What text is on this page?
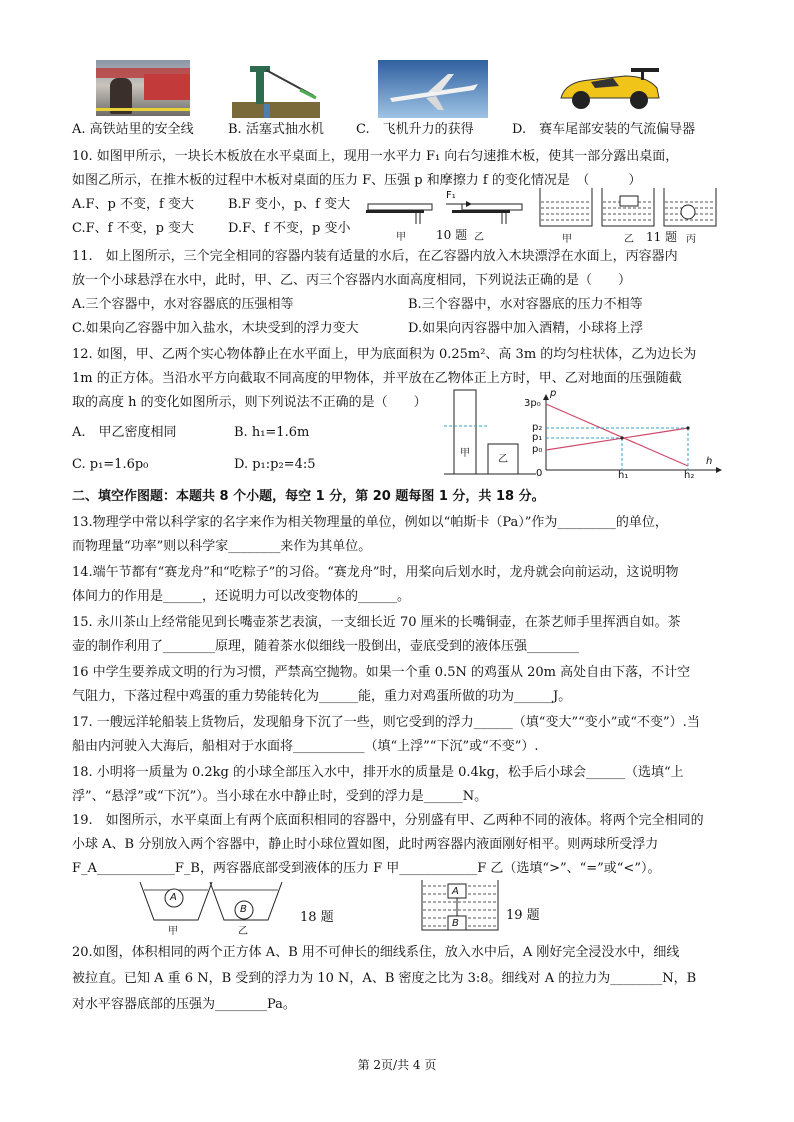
A. 高铁站里的安全线	B. 活塞式抽水机 C.　飞机升力的获得	D.　赛车尾部安装的气流偏导器
10. 如图甲所示，一块长木板放在水平桌面上，现用一水平力 F₁ 向右匀速推木板，使其一部分露出桌面，
如图乙所示，在推木板的过程中木板对桌面的压力 F、压强 p 和摩擦力 f 的变化情况是　（　　　）
A.F、p 不变，f 变大	B.F 变小，p、f 变大
C.F、f 不变，p 变大	D.F、f 不变，p 变小
F₁
甲	10 题 乙	甲	乙 11 题 丙
11.　如上图所示，三个完全相同的容器内装有适量的水后，在乙容器内放入木块漂浮在水面上，丙容器内
放一个小球悬浮在水中，此时，甲、乙、丙三个容器内水面高度相同，下列说法正确的是（　　）
A.三个容器中，水对容器底的压强相等	B.三个容器中，水对容器底的压力不相等
C.如果向乙容器中加入盐水，木块受到的浮力变大	D.如果向丙容器中加入酒精，小球将上浮
12. 如图，甲、乙两个实心物体静止在水平面上，甲为底面积为 0.25m²、高 3m 的均匀柱状体，乙为边长为
1m 的正方体。当沿水平方向截取不同高度的甲物体，并平放在乙物体正上方时，甲、乙对地面的压强随截
取的高度 h 的变化如图所示，则下列说法不正确的是（　　）
A.　甲乙密度相同	B. h₁=1.6m
C. p₁=1.6p₀	D. p₁:p₂=4:5
甲
乙
p
3p₀
p₂
p₁
p₀
0	h₁	h₂
h
二、填空作图题：本题共 8 个小题，每空 1 分，第 20 题每图 1 分，共 18 分。
13.物理学中常以科学家的名字来作为相关物理量的单位，例如以“帕斯卡（Pa）”作为_________的单位，
而物理量“功率”则以科学家________来作为其单位。
14.端午节都有“赛龙舟”和“吃粽子”的习俗。“赛龙舟”时，用桨向后划水时，龙舟就会向前运动，这说明物
体间力的作用是______，还说明力可以改变物体的______。
15. 永川茶山上经常能见到长嘴壶茶艺表演，一支细长近 70 厘米的长嘴铜壶，在茶艺师手里挥洒自如。茶
壶的制作利用了________原理，随着茶水似细线一股倒出，壶底受到的液体压强________
16 中学生要养成文明的行为习惯，严禁高空抛物。如果一个重 0.5N 的鸡蛋从 20m 高处自由下落，不计空
气阻力，下落过程中鸡蛋的重力势能转化为______能，重力对鸡蛋所做的功为______J。
17. 一艘远洋轮船装上货物后，发现船身下沉了一些，则它受到的浮力______（填“变大”“变小”或“不变”）.当
船由内河驶入大海后，船相对于水面将___________（填“上浮”“下沉”或“不变”）.
18. 小明将一质量为 0.2kg 的小球全部压入水中，排开水的质量是 0.4kg，松手后小球会______（选填“上
浮”、“悬浮”或“下沉”）。当小球在水中静止时，受到的浮力是______N。
19.　如图所示，水平桌面上有两个底面积相同的容器中，分别盛有甲、乙两种不同的液体。将两个完全相同的
小球 A、B 分别放入两个容器中，静止时小球位置如图，此时两容器内液面刚好相平。则两球所受浮力
F_A____________F_B，两容器底部受到液体的压力 F 甲____________F 乙（选填“>”、“=”或“<”）。
A
B
甲	乙
18 题
A
B
19 题
20.如图，体积相同的两个正方体 A、B 用不可伸长的细线系住，放入水中后，A 刚好完全浸没水中，细线
被拉直。已知 A 重 6 N，B 受到的浮力为 10 N，A、B 密度之比为 3:8。细线对 A 的拉力为________N，B
对水平容器底部的压强为________Pa。
第 2页/共 4 页
